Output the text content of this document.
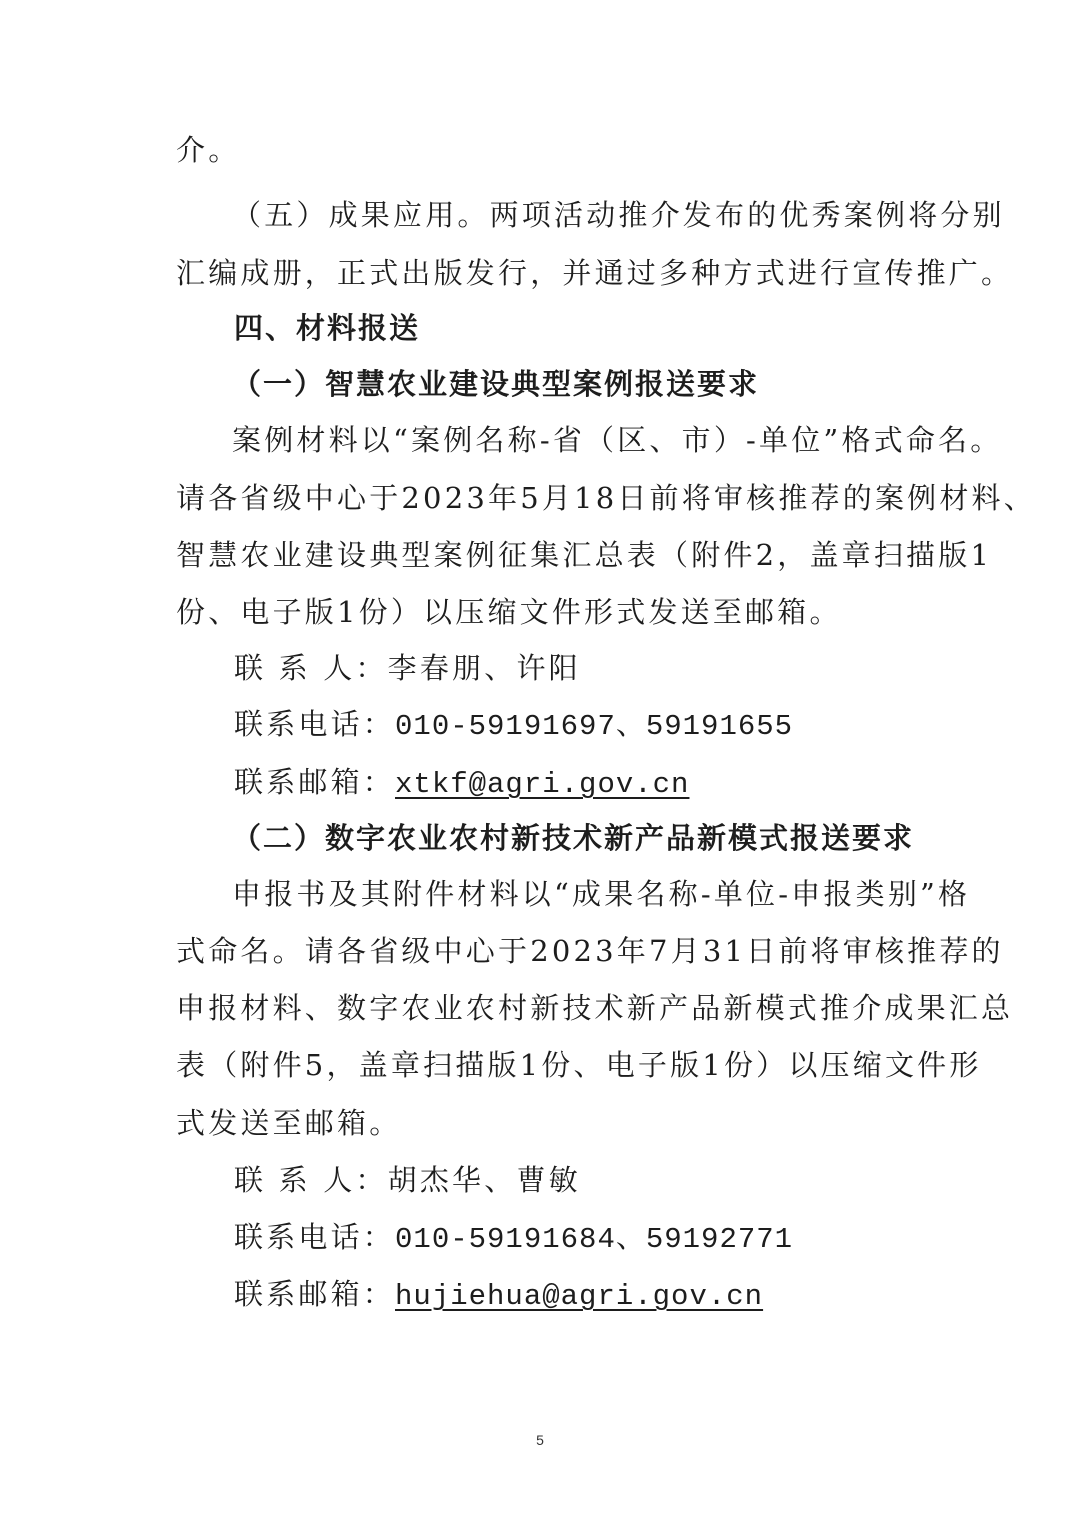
介。
（五）成果应用。两项活动推介发布的优秀案例将分别
汇编成册，正式出版发行，并通过多种方式进行宣传推广。
四、材料报送
（一）智慧农业建设典型案例报送要求
案例材料以“案例名称-省（区、市）-单位”格式命名。
请各省级中心于2023年5月18日前将审核推荐的案例材料、
智慧农业建设典型案例征集汇总表（附件2，盖章扫描版1
份、电子版1份）以压缩文件形式发送至邮箱。
联 系 人：李春朋、许阳
联系电话：010-59191697、59191655
联系邮箱：xtkf@agri.gov.cn
（二）数字农业农村新技术新产品新模式报送要求
申报书及其附件材料以“成果名称-单位-申报类别”格
式命名。请各省级中心于2023年7月31日前将审核推荐的
申报材料、数字农业农村新技术新产品新模式推介成果汇总
表（附件5，盖章扫描版1份、电子版1份）以压缩文件形
式发送至邮箱。
联 系 人：胡杰华、曹敏
联系电话：010-59191684、59192771
联系邮箱：hujiehua@agri.gov.cn
5
